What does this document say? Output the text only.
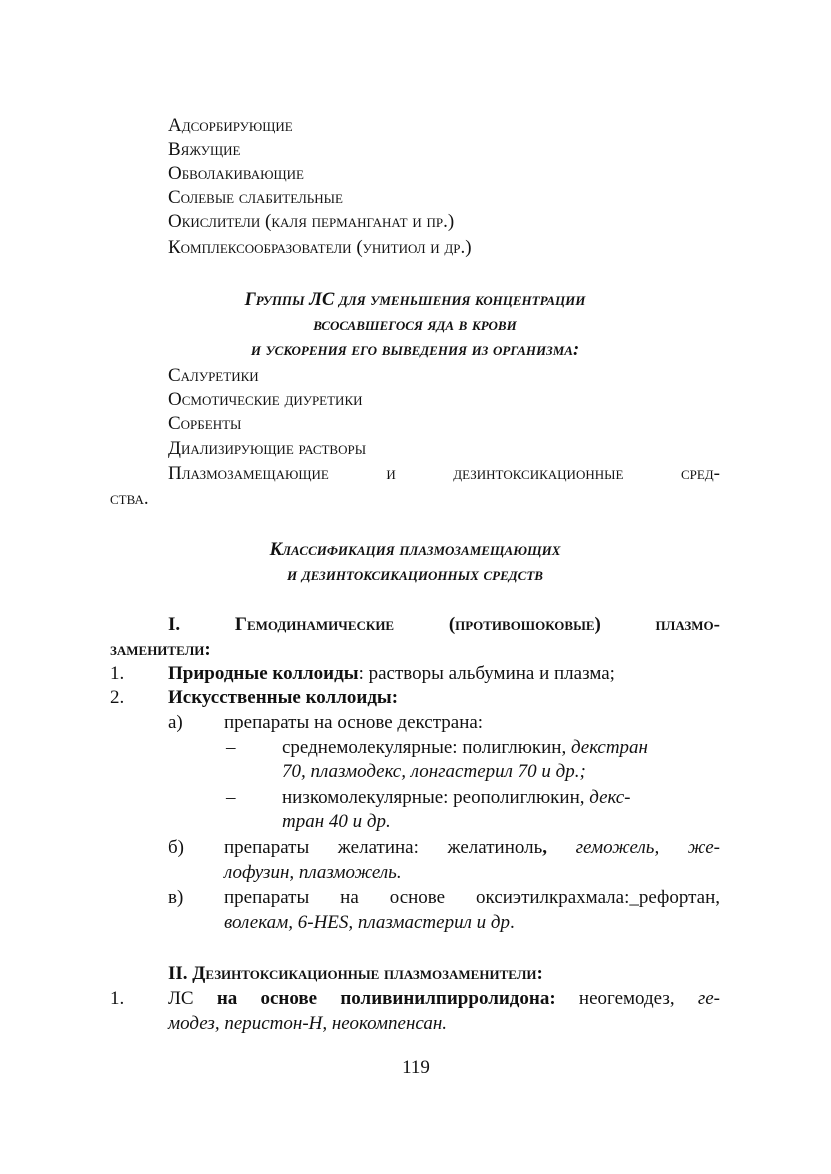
Адсорбирующие
Вяжущие
Обволакивающие
Солевые слабительные
Окислители (каля перманганат и пр.)
Комплексообразователи (унитиол и др.)
Группы ЛС для уменьшения концентрации
всосавшегося яда в крови
и ускорения его выведения из организма:
Салуретики
Осмотические диуретики
Сорбенты
Диализирующие растворы
Плазмозамещающие и дезинтоксикационные сред-
ства.
Классификация плазмозамещающих
и дезинтоксикационных средств
I. Гемодинамические (противошоковые) плазмо-
заменители:
1. Природные коллоиды: растворы альбумина и плазма;
2. Искусственные коллоиды:
а) препараты на основе декстрана:
– среднемолекулярные: полиглюкин, декстран
70, плазмодекс, лонгастерил 70 и др.;
– низкомолекулярные: реополиглюкин, декс-
тран 40 и др.
б) препараты желатина: желатиноль, геможель, же-
лофузин, плазможель.
в) препараты на основе оксиэтилкрахмала:_рефортан,
волекам, 6-HES, плазмастерил и др.
II. Дезинтоксикационные плазмозаменители:
1. ЛС на основе поливинилпирролидона: неогемодез, ге-
модез, перистон-Н, неокомпенсан.
119
